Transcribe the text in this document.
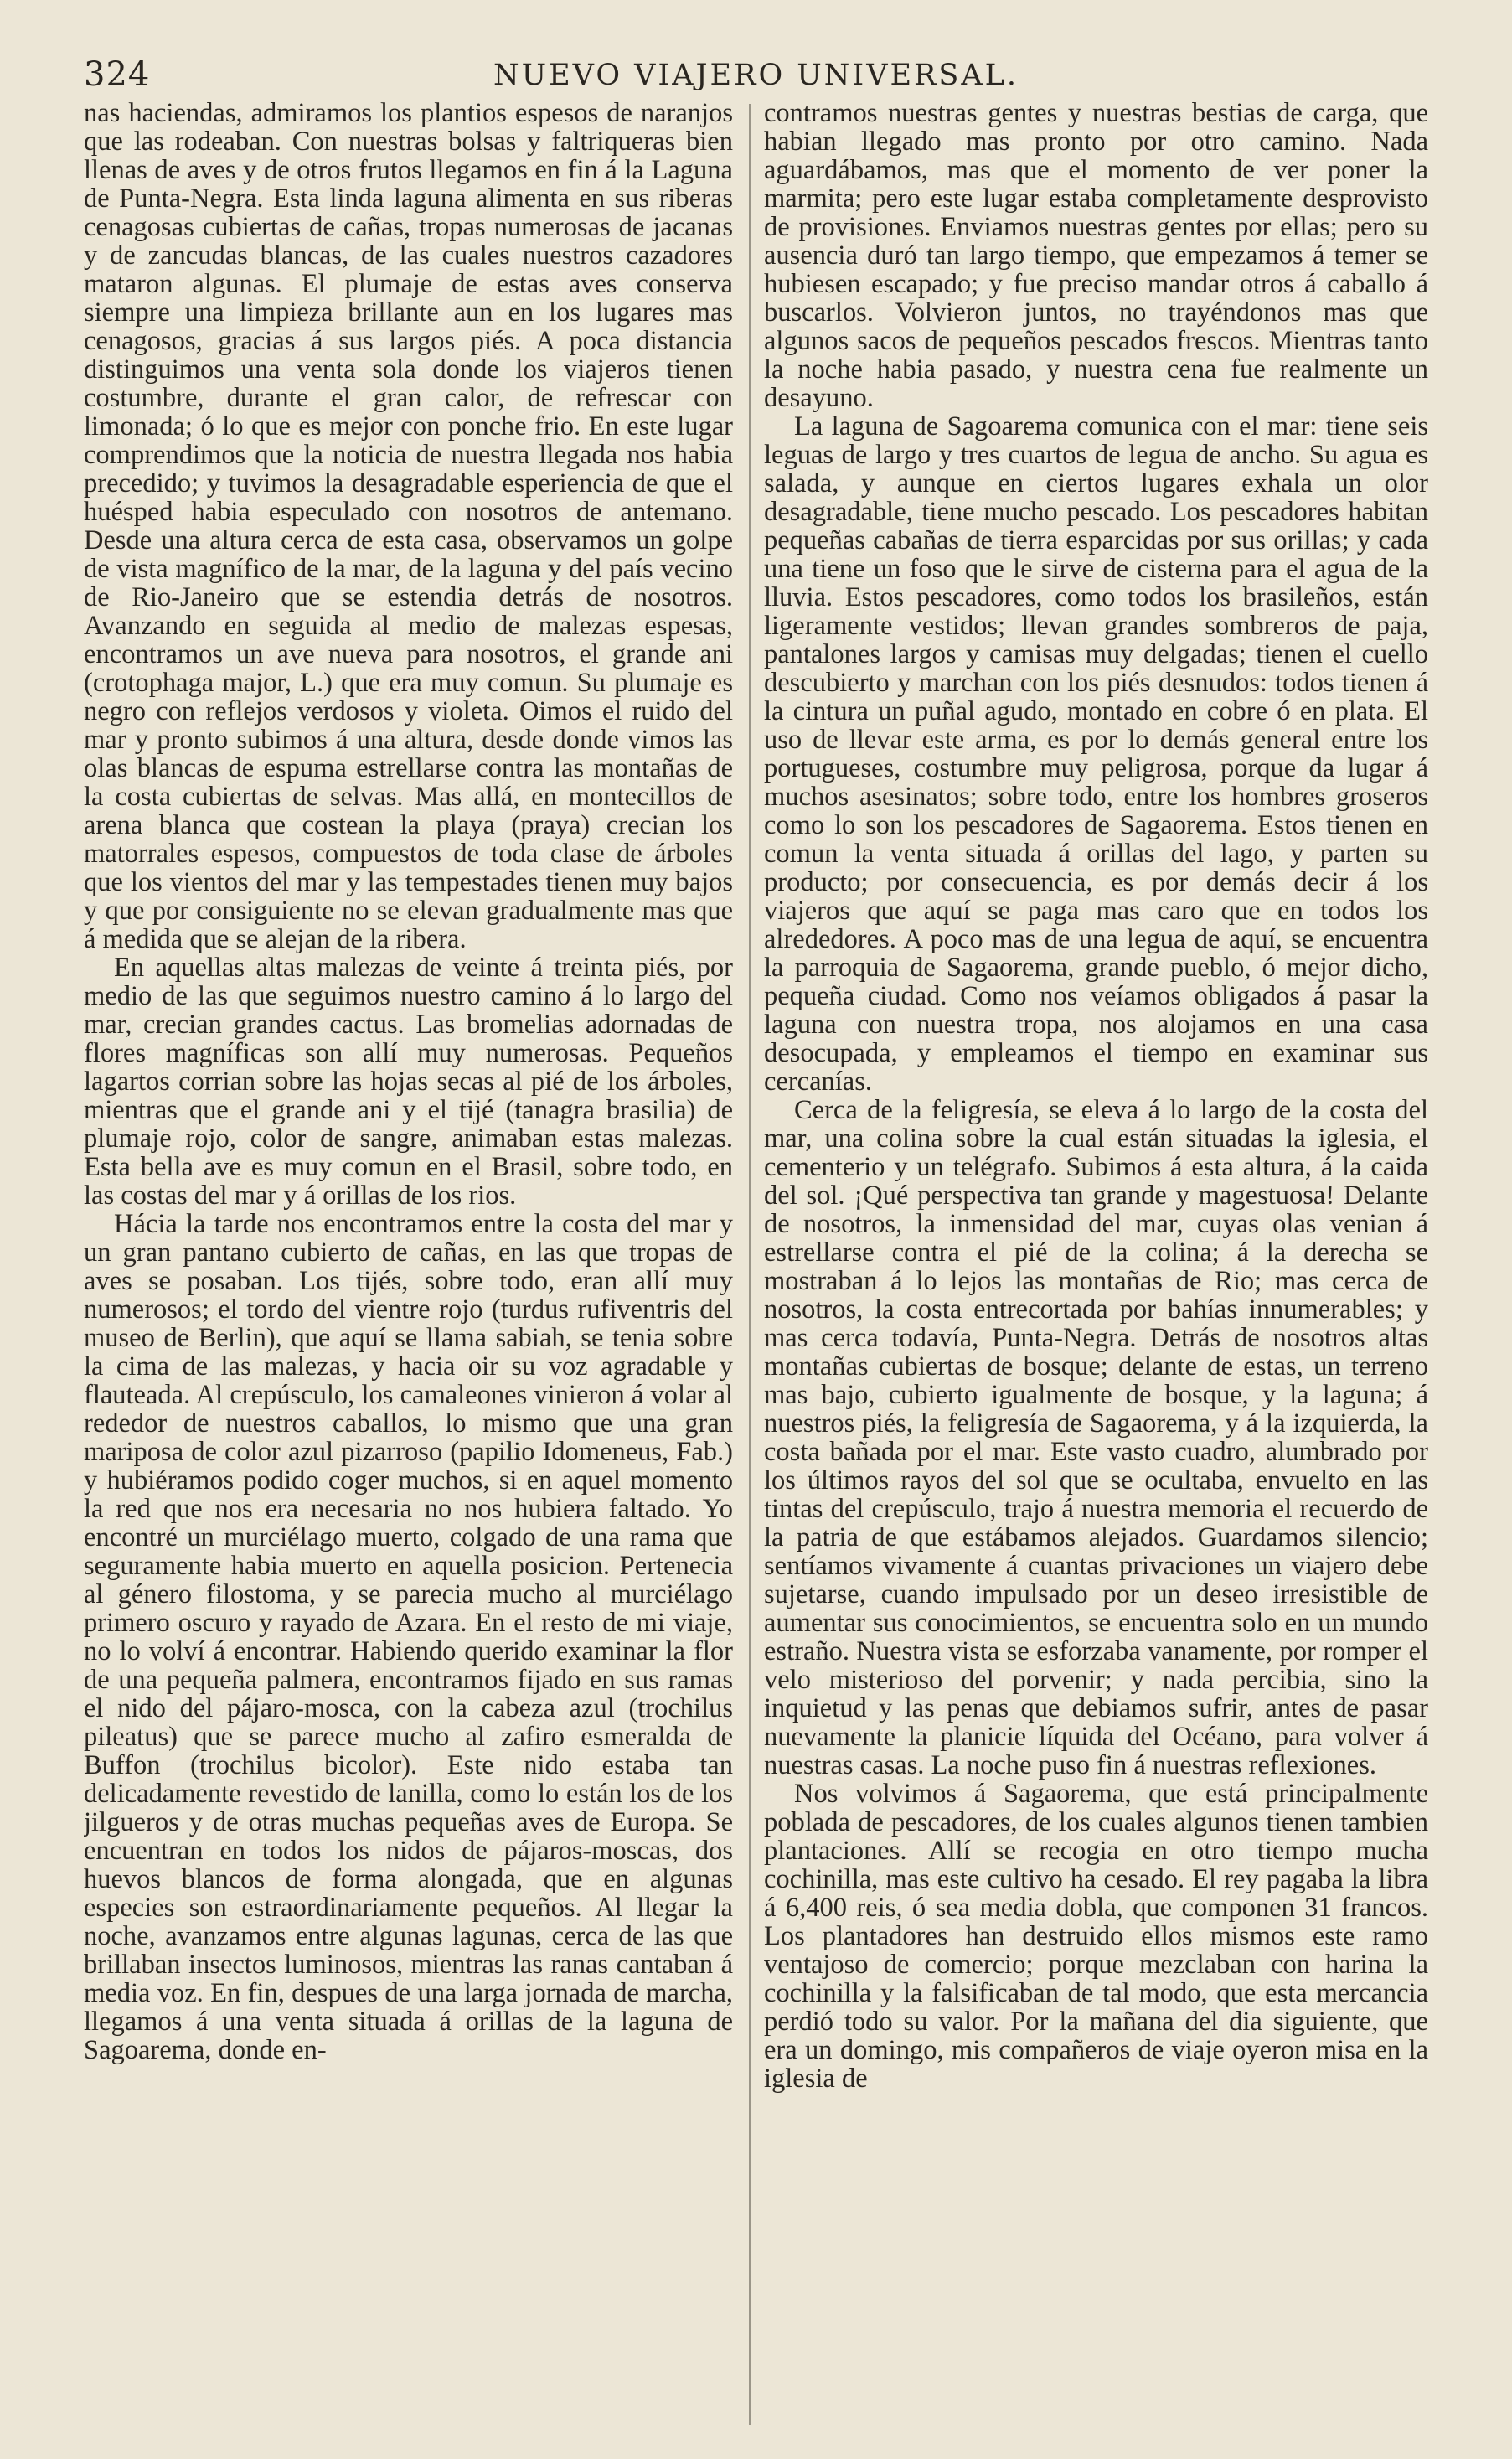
324	NUEVO VIAJERO UNIVERSAL.

nas haciendas, admiramos los plantios espesos de naranjos que las rodeaban. Con nuestras bolsas y faltriqueras bien llenas de aves y de otros frutos llegamos en fin á la Laguna de Punta-Negra. Esta linda laguna alimenta en sus riberas cenagosas cubiertas de cañas, tropas numerosas de jacanas y de zancudas blancas, de las cuales nuestros cazadores mataron algunas. El plumaje de estas aves conserva siempre una limpieza brillante aun en los lugares mas cenagosos, gracias á sus largos piés. A poca distancia distinguimos una venta sola donde los viajeros tienen costumbre, durante el gran calor, de refrescar con limonada; ó lo que es mejor con ponche frio. En este lugar comprendimos que la noticia de nuestra llegada nos habia precedido; y tuvimos la desagradable esperiencia de que el huésped habia especulado con nosotros de antemano. Desde una altura cerca de esta casa, observamos un golpe de vista magnífico de la mar, de la laguna y del país vecino de Rio-Janeiro que se estendia detrás de nosotros. Avanzando en seguida al medio de malezas espesas, encontramos un ave nueva para nosotros, el grande ani (crotophaga major, L.) que era muy comun. Su plumaje es negro con reflejos verdosos y violeta. Oimos el ruido del mar y pronto subimos á una altura, desde donde vimos las olas blancas de espuma estrellarse contra las montañas de la costa cubiertas de selvas. Mas allá, en montecillos de arena blanca que costean la playa (praya) crecian los matorrales espesos, compuestos de toda clase de árboles que los vientos del mar y las tempestades tienen muy bajos y que por consiguiente no se elevan gradualmente mas que á medida que se alejan de la ribera.

En aquellas altas malezas de veinte á treinta piés, por medio de las que seguimos nuestro camino á lo largo del mar, crecian grandes cactus. Las bromelias adornadas de flores magníficas son allí muy numerosas. Pequeños lagartos corrian sobre las hojas secas al pié de los árboles, mientras que el grande ani y el tijé (tanagra brasilia) de plumaje rojo, color de sangre, animaban estas malezas. Esta bella ave es muy comun en el Brasil, sobre todo, en las costas del mar y á orillas de los rios.

Hácia la tarde nos encontramos entre la costa del mar y un gran pantano cubierto de cañas, en las que tropas de aves se posaban. Los tijés, sobre todo, eran allí muy numerosos; el tordo del vientre rojo (turdus rufiventris del museo de Berlin), que aquí se llama sabiah, se tenia sobre la cima de las malezas, y hacia oir su voz agradable y flauteada. Al crepúsculo, los camaleones vinieron á volar al rededor de nuestros caballos, lo mismo que una gran mariposa de color azul pizarroso (papilio Idomeneus, Fab.) y hubiéramos podido coger muchos, si en aquel momento la red que nos era necesaria no nos hubiera faltado. Yo encontré un murciélago muerto, colgado de una rama que seguramente habia muerto en aquella posicion. Pertenecia al género filostoma, y se parecia mucho al murciélago primero oscuro y rayado de Azara. En el resto de mi viaje, no lo volví á encontrar. Habiendo querido examinar la flor de una pequeña palmera, encontramos fijado en sus ramas el nido del pájaro-mosca, con la cabeza azul (trochilus pileatus) que se parece mucho al zafiro esmeralda de Buffon (trochilus bicolor). Este nido estaba tan delicadamente revestido de lanilla, como lo están los de los jilgueros y de otras muchas pequeñas aves de Europa. Se encuentran en todos los nidos de pájaros-moscas, dos huevos blancos de forma alongada, que en algunas especies son estraordinariamente pequeños. Al llegar la noche, avanzamos entre algunas lagunas, cerca de las que brillaban insectos luminosos, mientras las ranas cantaban á media voz. En fin, despues de una larga jornada de marcha, llegamos á una venta situada á orillas de la laguna de Sagoarema, donde en-

contramos nuestras gentes y nuestras bestias de carga, que habian llegado mas pronto por otro camino. Nada aguardábamos, mas que el momento de ver poner la marmita; pero este lugar estaba completamente desprovisto de provisiones. Enviamos nuestras gentes por ellas; pero su ausencia duró tan largo tiempo, que empezamos á temer se hubiesen escapado; y fue preciso mandar otros á caballo á buscarlos. Volvieron juntos, no trayéndonos mas que algunos sacos de pequeños pescados frescos. Mientras tanto la noche habia pasado, y nuestra cena fue realmente un desayuno.

La laguna de Sagoarema comunica con el mar: tiene seis leguas de largo y tres cuartos de legua de ancho. Su agua es salada, y aunque en ciertos lugares exhala un olor desagradable, tiene mucho pescado. Los pescadores habitan pequeñas cabañas de tierra esparcidas por sus orillas; y cada una tiene un foso que le sirve de cisterna para el agua de la lluvia. Estos pescadores, como todos los brasileños, están ligeramente vestidos; llevan grandes sombreros de paja, pantalones largos y camisas muy delgadas; tienen el cuello descubierto y marchan con los piés desnudos: todos tienen á la cintura un puñal agudo, montado en cobre ó en plata. El uso de llevar este arma, es por lo demás general entre los portugueses, costumbre muy peligrosa, porque da lugar á muchos asesinatos; sobre todo, entre los hombres groseros como lo son los pescadores de Sagaorema. Estos tienen en comun la venta situada á orillas del lago, y parten su producto; por consecuencia, es por demás decir á los viajeros que aquí se paga mas caro que en todos los alrededores. A poco mas de una legua de aquí, se encuentra la parroquia de Sagaorema, grande pueblo, ó mejor dicho, pequeña ciudad. Como nos veíamos obligados á pasar la laguna con nuestra tropa, nos alojamos en una casa desocupada, y empleamos el tiempo en examinar sus cercanías.

Cerca de la feligresía, se eleva á lo largo de la costa del mar, una colina sobre la cual están situadas la iglesia, el cementerio y un telégrafo. Subimos á esta altura, á la caida del sol. ¡Qué perspectiva tan grande y magestuosa! Delante de nosotros, la inmensidad del mar, cuyas olas venian á estrellarse contra el pié de la colina; á la derecha se mostraban á lo lejos las montañas de Rio; mas cerca de nosotros, la costa entrecortada por bahías innumerables; y mas cerca todavía, Punta-Negra. Detrás de nosotros altas montañas cubiertas de bosque; delante de estas, un terreno mas bajo, cubierto igualmente de bosque, y la laguna; á nuestros piés, la feligresía de Sagaorema, y á la izquierda, la costa bañada por el mar. Este vasto cuadro, alumbrado por los últimos rayos del sol que se ocultaba, envuelto en las tintas del crepúsculo, trajo á nuestra memoria el recuerdo de la patria de que estábamos alejados. Guardamos silencio; sentíamos vivamente á cuantas privaciones un viajero debe sujetarse, cuando impulsado por un deseo irresistible de aumentar sus conocimientos, se encuentra solo en un mundo estraño. Nuestra vista se esforzaba vanamente, por romper el velo misterioso del porvenir; y nada percibia, sino la inquietud y las penas que debiamos sufrir, antes de pasar nuevamente la planicie líquida del Océano, para volver á nuestras casas. La noche puso fin á nuestras reflexiones.

Nos volvimos á Sagaorema, que está principalmente poblada de pescadores, de los cuales algunos tienen tambien plantaciones. Allí se recogia en otro tiempo mucha cochinilla, mas este cultivo ha cesado. El rey pagaba la libra á 6,400 reis, ó sea media dobla, que componen 31 francos. Los plantadores han destruido ellos mismos este ramo ventajoso de comercio; porque mezclaban con harina la cochinilla y la falsificaban de tal modo, que esta mercancia perdió todo su valor. Por la mañana del dia siguiente, que era un domingo, mis compañeros de viaje oyeron misa en la iglesia de
